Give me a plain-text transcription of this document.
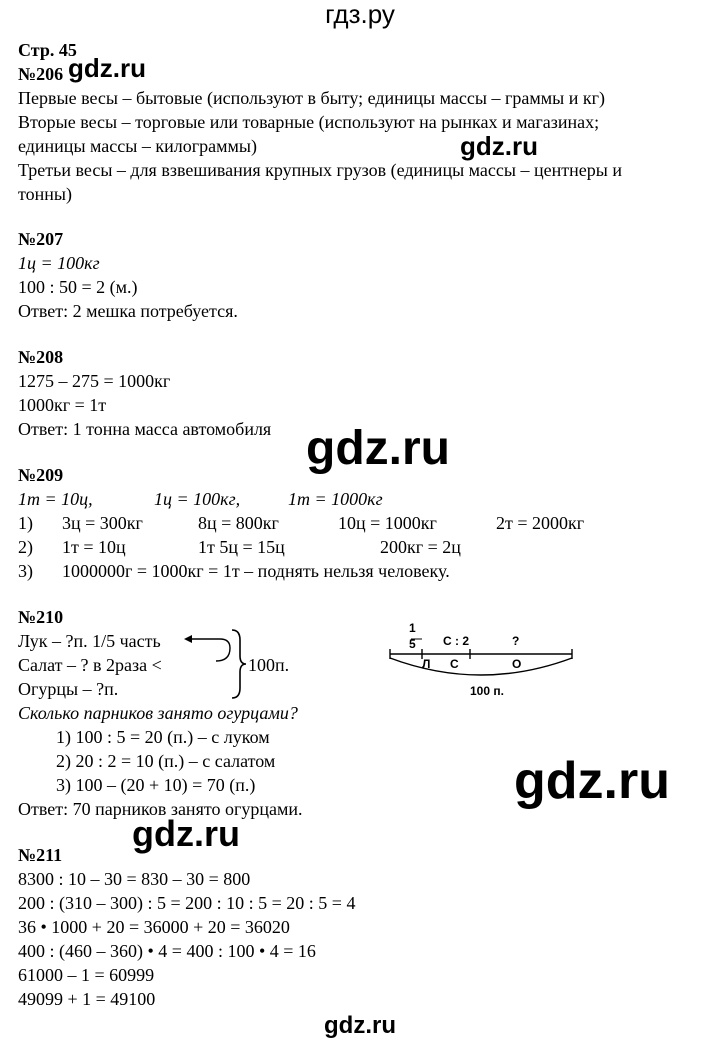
гдз.ру
Стр. 45
№206 gdz.ru
Первые весы – бытовые (используют в быту; единицы массы – граммы и кг)
Вторые весы – торговые или товарные (используют на рынках и магазинах;
единицы массы – килограммы)	gdz.ru
Третьи весы – для взвешивания крупных грузов (единицы массы – центнеры и
тонны)
№207
1ц = 100кг
100 : 50 = 2 (м.)
Ответ: 2 мешка потребуется.
№208
1275 – 275 = 1000кг
1000кг = 1т
Ответ: 1 тонна масса автомобиля gdz.ru
№209
1т = 10ц,	1ц = 100кг,	1т = 1000кг
1) 3ц = 300кг	8ц = 800кг	10ц = 1000кг	2т = 2000кг
2) 1т = 10ц	1т 5ц = 15ц	200кг = 2ц
3) 1000000г = 1000кг = 1т – поднять нельзя человеку.
№210
Лук – ?п. 1/5 часть
Салат – ? в 2раза <
Огурцы – ?п.
100п.
1
5 С : 2	?
Л С	О
100 п.
Сколько парников занято огурцами?
1) 100 : 5 = 20 (п.) – с луком
2) 20 : 2 = 10 (п.) – с салатом
3) 100 – (20 + 10) = 70 (п.)
Ответ: 70 парников занято огурцами.	gdz.ru
gdz.ru
№211
8300 : 10 – 30 = 830 – 30 = 800
200 : (310 – 300) : 5 = 200 : 10 : 5 = 20 : 5 = 4
36 • 1000 + 20 = 36000 + 20 = 36020
400 : (460 – 360) • 4 = 400 : 100 • 4 = 16
61000 – 1 = 60999
49099 + 1 = 49100
gdz.ru
